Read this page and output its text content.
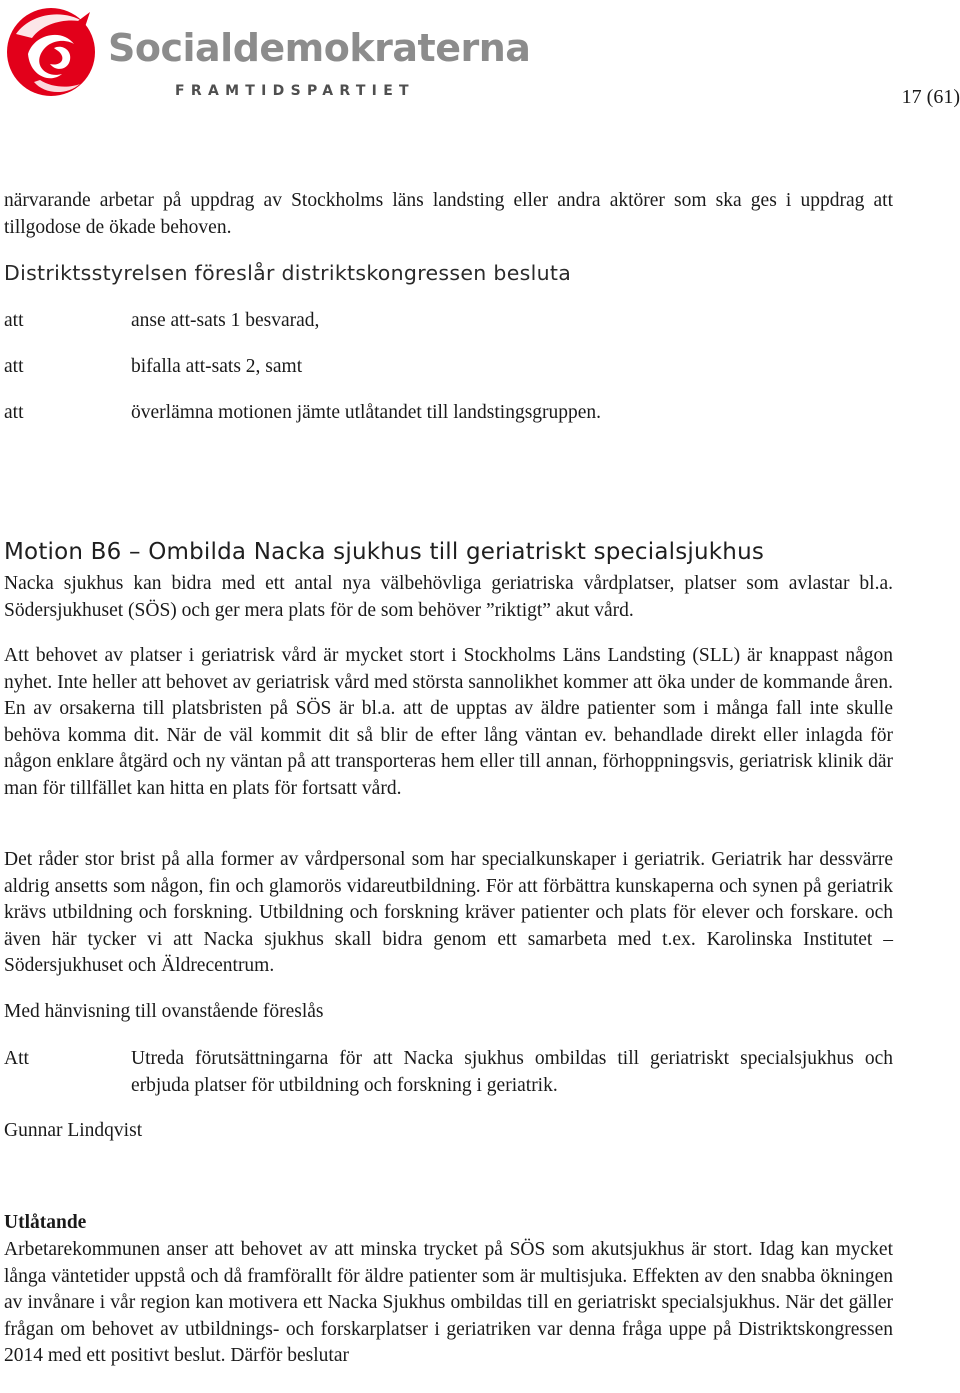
Socialdemokraterna
FRAMTIDSPARTIET	17 (61)
närvarande arbetar på uppdrag av Stockholms läns landsting eller andra aktörer som ska ges i uppdrag att tillgodose de ökade behoven.
Distriktsstyrelsen föreslår distriktskongressen besluta
att	anse att-sats 1 besvarad,
att	bifalla att-sats 2, samt
att	överlämna motionen jämte utlåtandet till landstingsgruppen.
Motion B6 – Ombilda Nacka sjukhus till geriatriskt specialsjukhus
Nacka sjukhus kan bidra med ett antal nya välbehövliga geriatriska vårdplatser, platser som avlastar bl.a. Södersjukhuset (SÖS) och ger mera plats för de som behöver ”riktigt” akut vård.
Att behovet av platser i geriatrisk vård är mycket stort i Stockholms Läns Landsting (SLL) är knappast någon nyhet. Inte heller att behovet av geriatrisk vård med största sannolikhet kommer att öka under de kommande åren. En av orsakerna till platsbristen på SÖS är bl.a. att de upptas av äldre patienter som i många fall inte skulle behöva komma dit. När de väl kommit dit så blir de efter lång väntan ev. behandlade direkt eller inlagda för någon enklare åtgärd och ny väntan på att transporteras hem eller till annan, förhoppningsvis, geriatrisk klinik där man för tillfället kan hitta en plats för fortsatt vård.
Det råder stor brist på alla former av vårdpersonal som har specialkunskaper i geriatrik. Geriatrik har dessvärre aldrig ansetts som någon, fin och glamorös vidareutbildning. För att förbättra kunskaperna och synen på geriatrik krävs utbildning och forskning. Utbildning och forskning kräver patienter och plats för elever och forskare. och även här tycker vi att Nacka sjukhus skall bidra genom ett samarbeta med t.ex. Karolinska Institutet – Södersjukhuset och Äldrecentrum.
Med hänvisning till ovanstående föreslås
Att	Utreda förutsättningarna för att Nacka sjukhus ombildas till geriatriskt specialsjukhus och erbjuda platser för utbildning och forskning i geriatrik.
Gunnar Lindqvist
Utlåtande
Arbetarekommunen anser att behovet av att minska trycket på SÖS som akutsjukhus är stort. Idag kan mycket långa väntetider uppstå och då framförallt för äldre patienter som är multisjuka. Effekten av den snabba ökningen av invånare i vår region kan motivera ett Nacka Sjukhus ombildas till en geriatriskt specialsjukhus. När det gäller frågan om behovet av utbildnings- och forskarplatser i geriatriken var denna fråga uppe på Distriktskongressen 2014 med ett positivt beslut. Därför beslutar
